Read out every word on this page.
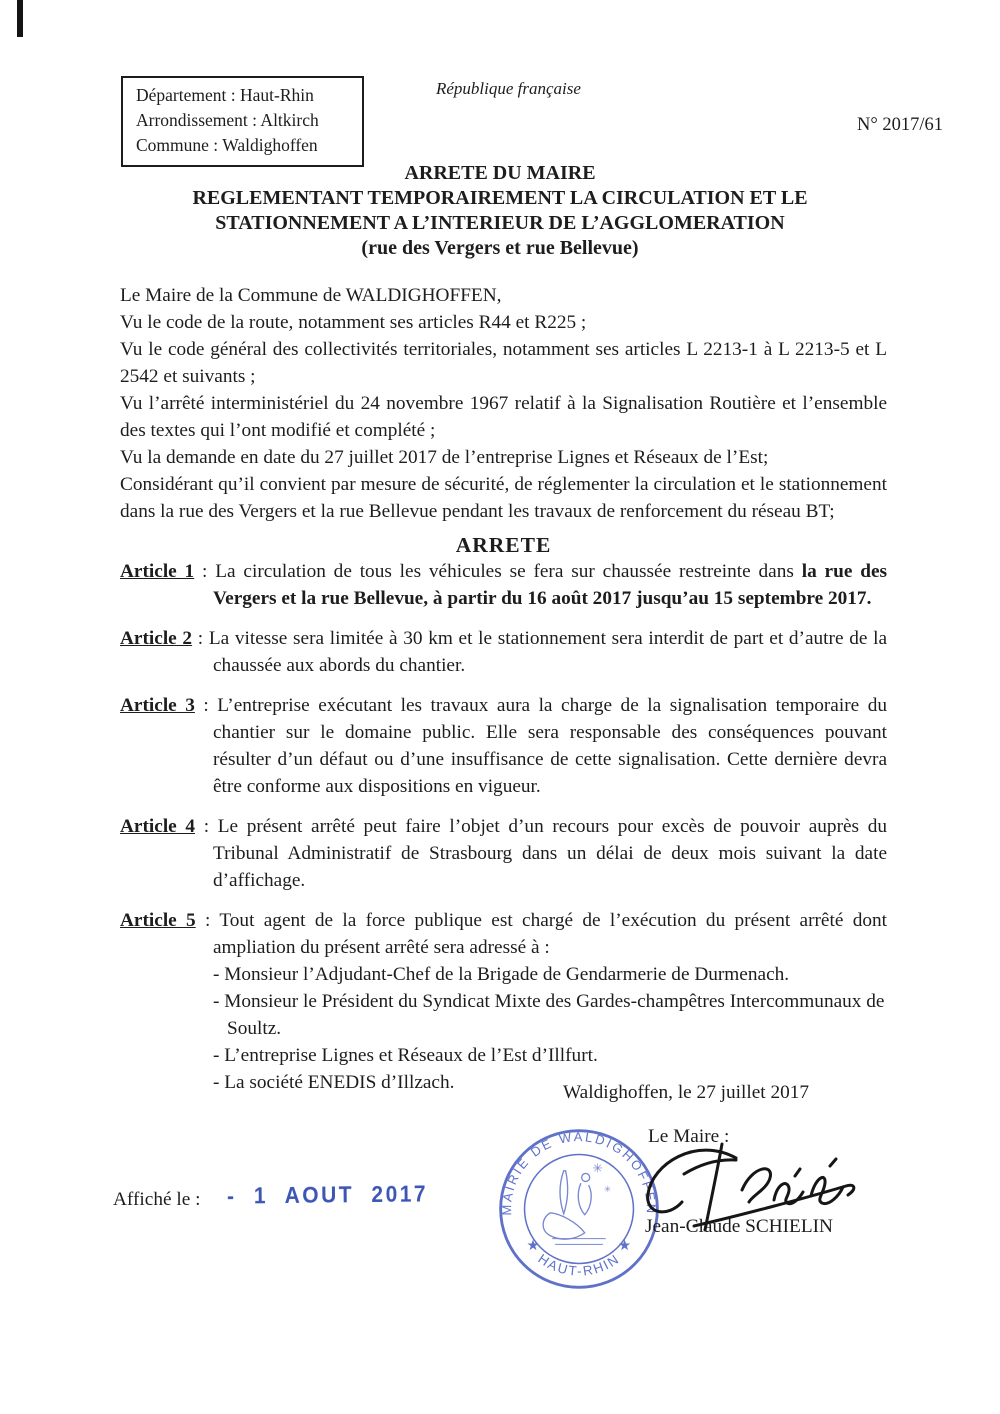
Département : Haut-Rhin
Arrondissement : Altkirch
Commune : Waldighoffen
République française
N° 2017/61
ARRETE DU MAIRE
REGLEMENTANT TEMPORAIREMENT LA CIRCULATION ET LE
STATIONNEMENT A L’INTERIEUR DE L’AGGLOMERATION
(rue des Vergers et rue Bellevue)

Le Maire de la Commune de WALDIGHOFFEN,

Vu le code de la route, notamment ses articles R44 et R225 ;

Vu le code général des collectivités territoriales, notamment ses articles L 2213-1 à L 2213-5 et L 2542 et suivants ;

Vu l’arrêté interministériel du 24 novembre 1967 relatif à la Signalisation Routière et l’ensemble des textes qui l’ont modifié et complété ;

Vu la demande en date du 27 juillet 2017 de l’entreprise Lignes et Réseaux de l’Est;

Considérant qu’il convient par mesure de sécurité, de réglementer la circulation et le stationnement dans la rue des Vergers et la rue Bellevue pendant les travaux de renforcement du réseau BT;

ARRETE
Article 1 : La circulation de tous les véhicules se fera sur chaussée restreinte dans la rue des Vergers et la rue Bellevue, à partir du 16 août 2017 jusqu’au 15 septembre 2017.
Article 2 : La vitesse sera limitée à 30 km et le stationnement sera interdit de part et d’autre de la chaussée aux abords du chantier.
Article 3 : L’entreprise exécutant les travaux aura la charge de la signalisation temporaire du chantier sur le domaine public. Elle sera responsable des conséquences pouvant résulter d’un défaut ou d’une insuffisance de cette signalisation. Cette dernière devra être conforme aux dispositions en vigueur.
Article 4 : Le présent arrêté peut faire l’objet d’un recours pour excès de pouvoir auprès du Tribunal Administratif de Strasbourg dans un délai de deux mois suivant la date d’affichage.
Article 5 : Tout agent de la force publique est chargé de l’exécution du présent arrêté dont ampliation du présent arrêté sera adressé à :
- Monsieur l’Adjudant-Chef de la Brigade de Gendarmerie de Durmenach.
- Monsieur le Président du Syndicat Mixte des Gardes-champêtres Intercommunaux de Soultz.
- L’entreprise Lignes et Réseaux de l’Est d’Illfurt.
- La société ENEDIS d’Illzach.	Waldighoffen, le 27 juillet 2017
Le Maire :
MAIRIE DE WALDIGHOFFEN
HAUT-RHIN
★	★
✳
✳
Jean-Claude SCHIELIN
Affiché le : - 1 AOUT 2017
